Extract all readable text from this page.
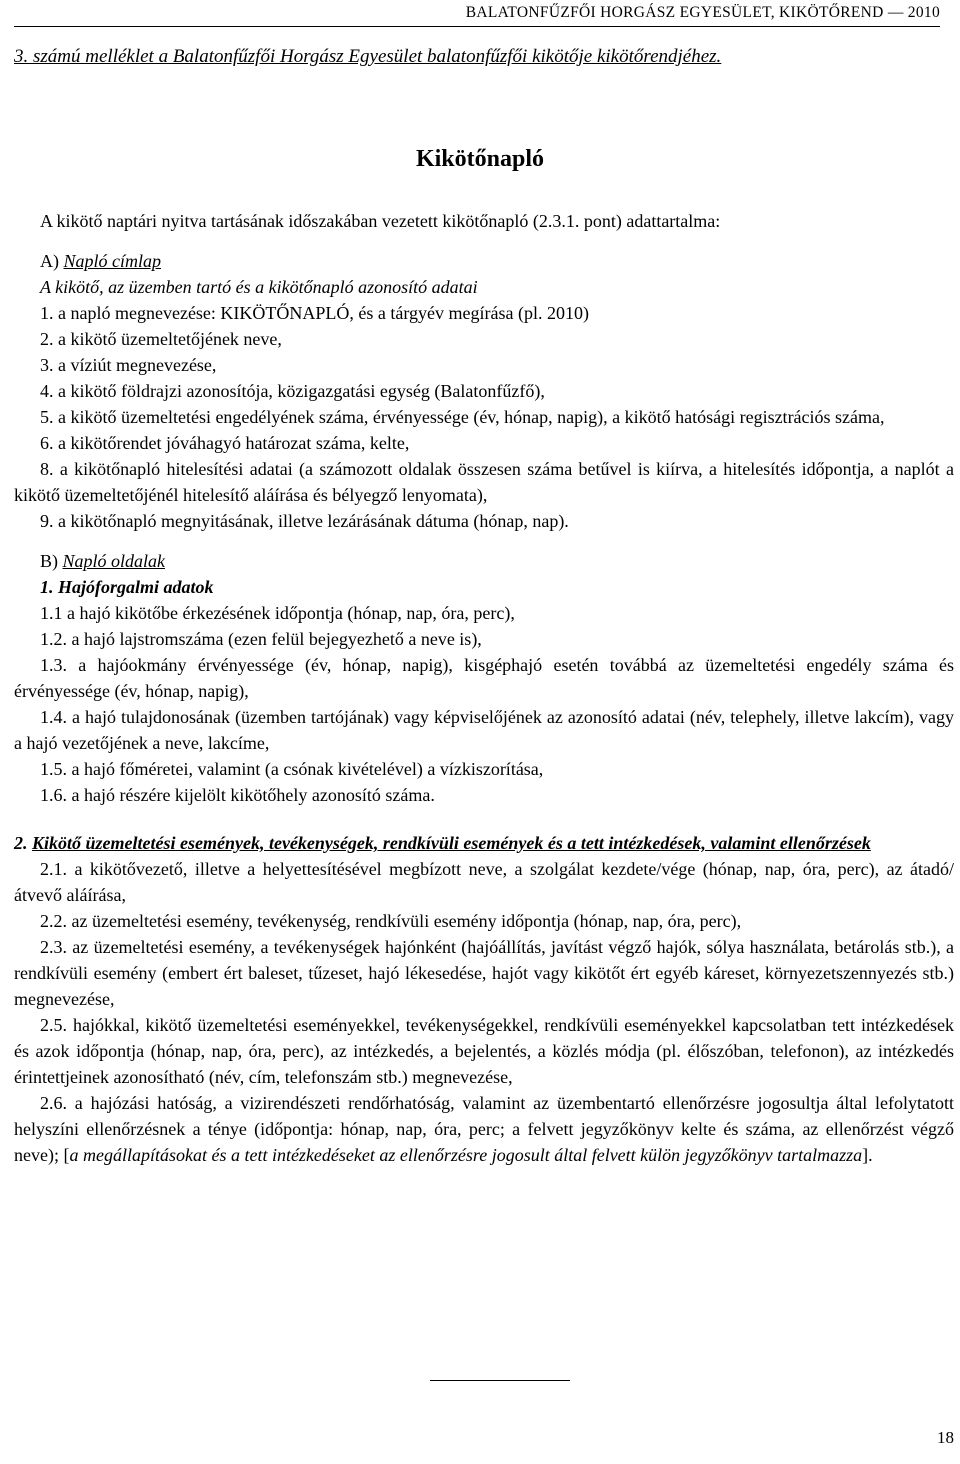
BALATONFŰZFŐI HORGÁSZ EGYESÜLET, KIKÖTŐREND — 2010
3. számú melléklet a Balatonfűzfői Horgász Egyesület balatonfűzfői kikötője kikötőrendjéhez.
Kikötőnapló

A kikötő naptári nyitva tartásának időszakában vezetett kikötőnapló (2.3.1. pont) adattartalma:

A) Napló címlap

A kikötő, az üzemben tartó és a kikötőnapló azonosító adatai

1. a napló megnevezése: KIKÖTŐNAPLÓ, és a tárgyév megírása (pl. 2010)

2. a kikötő üzemeltetőjének neve,

3. a víziút megnevezése,

4. a kikötő földrajzi azonosítója, közigazgatási egység (Balatonfűzfő),

5. a kikötő üzemeltetési engedélyének száma, érvényessége (év, hónap, napig), a kikötő hatósági regisztrációs száma,

6. a kikötőrendet jóváhagyó határozat száma, kelte,

8. a kikötőnapló hitelesítési adatai (a számozott oldalak összesen száma betűvel is kiírva, a hitelesítés időpontja, a naplót a kikötő üzemeltetőjénél hitelesítő aláírása és bélyegző lenyomata),

9. a kikötőnapló megnyitásának, illetve lezárásának dátuma (hónap, nap).

B) Napló oldalak

1. Hajóforgalmi adatok

1.1 a hajó kikötőbe érkezésének időpontja (hónap, nap, óra, perc),

1.2. a hajó lajstromszáma (ezen felül bejegyezhető a neve is),

1.3. a hajóokmány érvényessége (év, hónap, napig), kisgéphajó esetén továbbá az üzemeltetési engedély száma és érvényessége (év, hónap, napig),

1.4. a hajó tulajdonosának (üzemben tartójának) vagy képviselőjének az azonosító adatai (név, telephely, illetve lakcím), vagy a hajó vezetőjének a neve, lakcíme,

1.5. a hajó főméretei, valamint (a csónak kivételével) a vízkiszorítása,

1.6. a hajó részére kijelölt kikötőhely azonosító száma.

2. Kikötő üzemeltetési események, tevékenységek, rendkívüli események és a tett intézkedések, valamint ellenőrzések

2.1. a kikötővezető, illetve a helyettesítésével megbízott neve, a szolgálat kezdete/vége (hónap, nap, óra, perc), az átadó/átvevő aláírása,

2.2. az üzemeltetési esemény, tevékenység, rendkívüli esemény időpontja (hónap, nap, óra, perc),

2.3. az üzemeltetési esemény, a tevékenységek hajónként (hajóállítás, javítást végző hajók, sólya használata, betárolás stb.), a rendkívüli esemény (embert ért baleset, tűzeset, hajó lékesedése, hajót vagy kikötőt ért egyéb káreset, környezetszennyezés stb.) megnevezése,

2.5. hajókkal, kikötő üzemeltetési eseményekkel, tevékenységekkel, rendkívüli eseményekkel kapcsolatban tett intézkedések és azok időpontja (hónap, nap, óra, perc), az intézkedés, a bejelentés, a közlés módja (pl. élőszóban, telefonon), az intézkedés érintettjeinek azonosítható (név, cím, telefonszám stb.) megnevezése,

2.6. a hajózási hatóság, a vizirendészeti rendőrhatóság, valamint az üzembentartó ellenőrzésre jogosultja által lefolytatott helyszíni ellenőrzésnek a ténye (időpontja: hónap, nap, óra, perc; a felvett jegyzőkönyv kelte és száma, az ellenőrzést végző neve); [a megállapításokat és a tett intézkedéseket az ellenőrzésre jogosult által felvett külön jegyzőkönyv tartalmazza].

18
